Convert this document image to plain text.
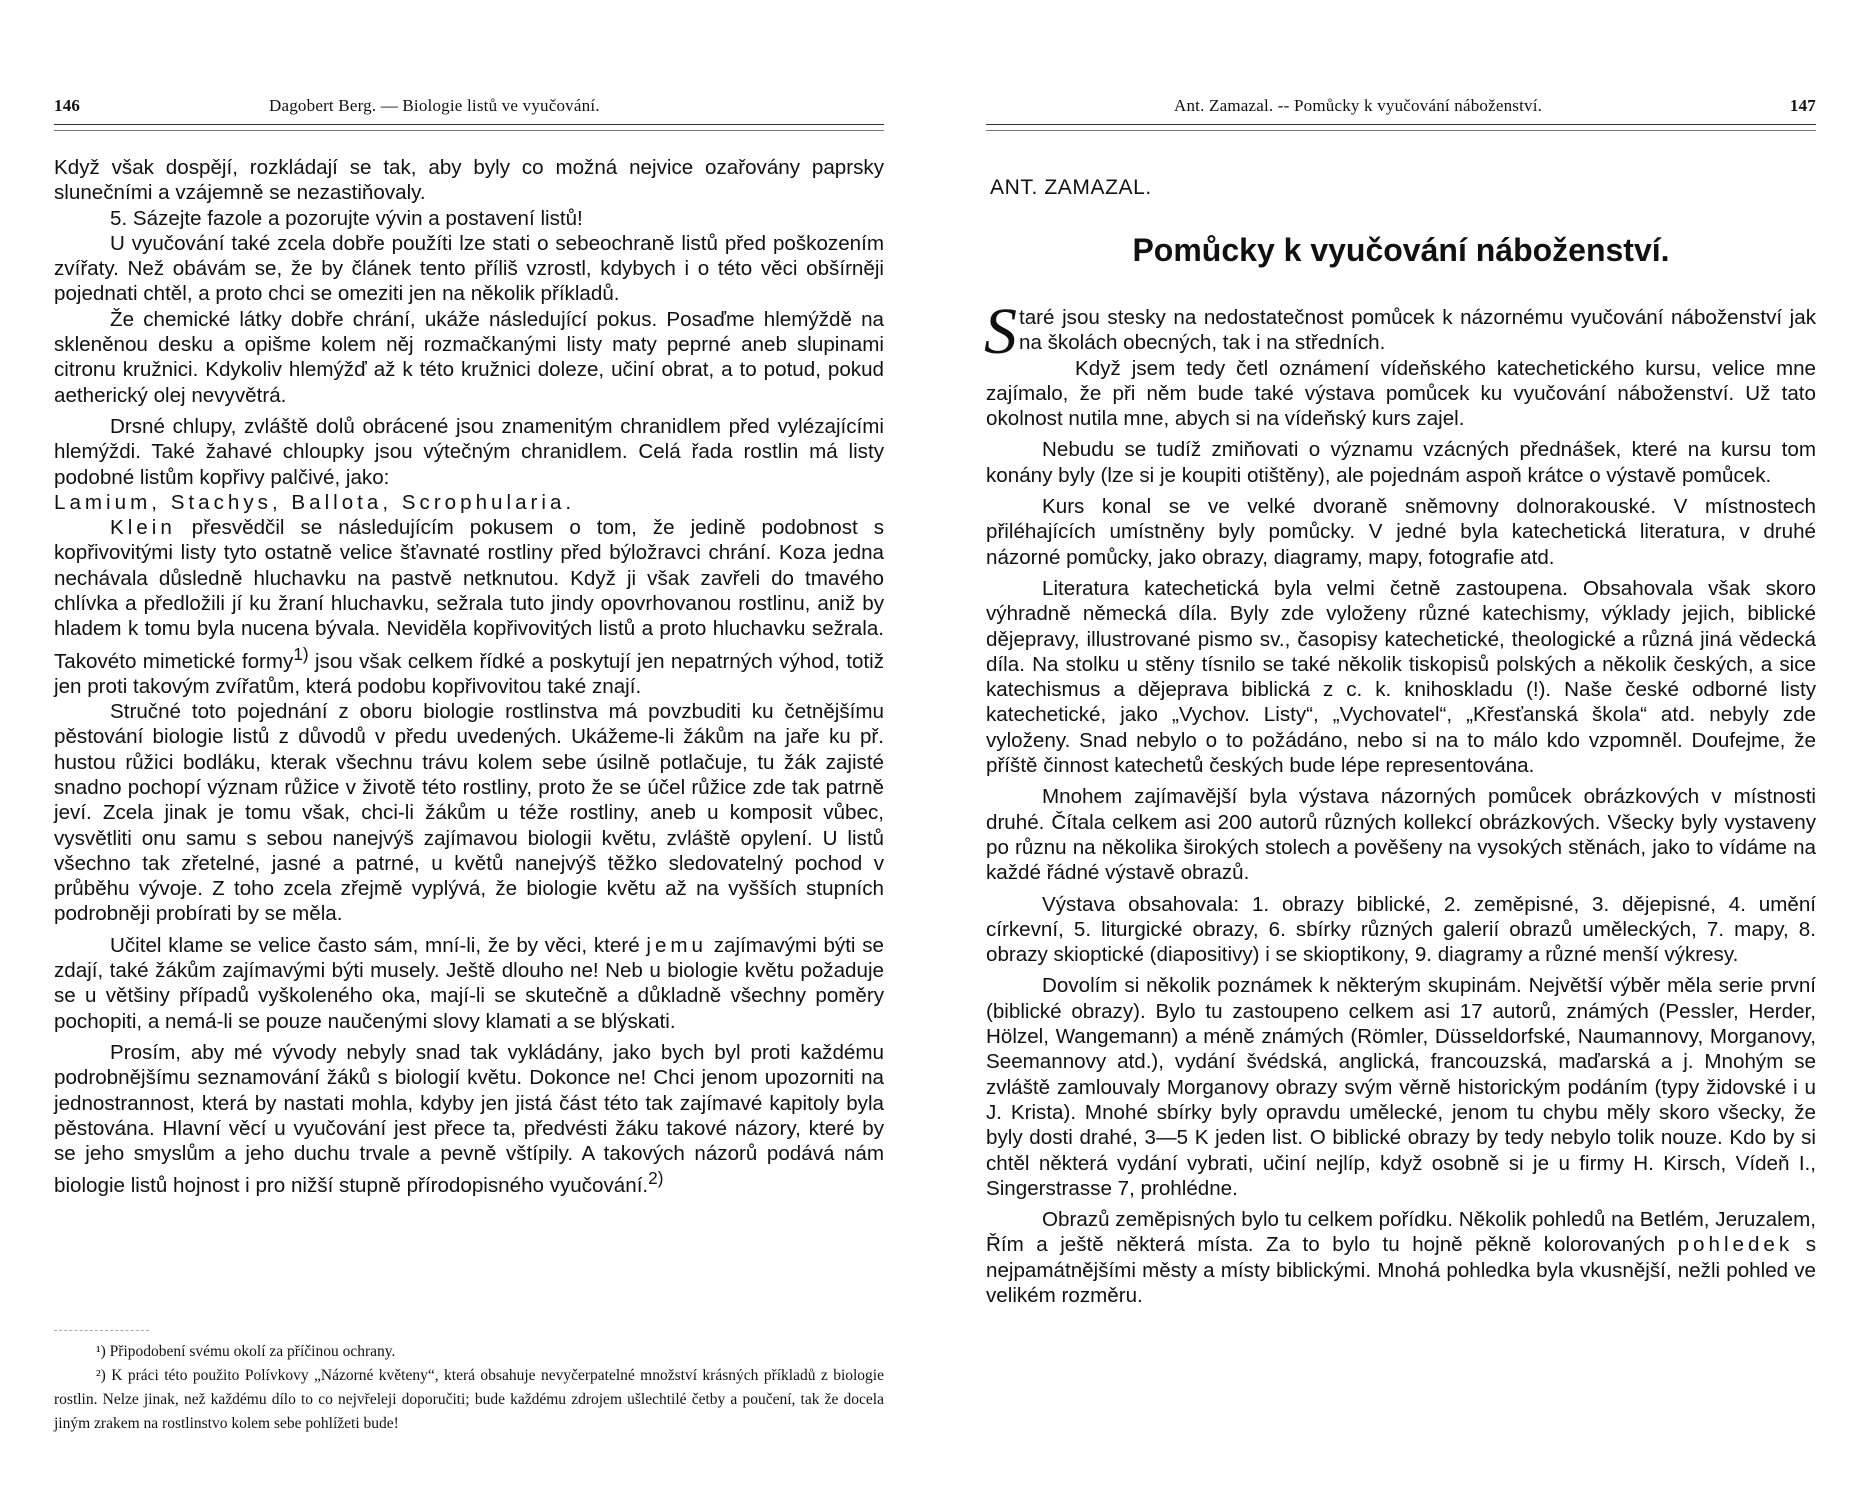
146	Dagobert Berg. — Biologie listů ve vyučování.

Když však dospějí, rozkládají se tak, aby byly co možná nejvice ozařovány paprsky slunečními a vzájemně se nezastiňovaly.

5. Sázejte fazole a pozorujte vývin a postavení listů!

U vyučování také zcela dobře použíti lze stati o sebeochraně listů před poškozením zvířaty. Než obávám se, že by článek tento příliš vzrostl, kdybych i o této věci obšírněji pojednati chtěl, a proto chci se omeziti jen na několik příkladů.

Že chemické látky dobře chrání, ukáže následující pokus. Posaďme hlemýždě na skleněnou desku a opišme kolem něj rozmačkanými listy maty peprné aneb slupinami citronu kružnici. Kdykoliv hlemýžď až k této kružnici doleze, učiní obrat, a to potud, pokud aetherický olej nevyvětrá.

Drsné chlupy, zvláště dolů obrácené jsou znamenitým chranidlem před vylézajícími hlemýždi. Také žahavé chloupky jsou výtečným chranidlem. Celá řada rostlin má listy podobné listům kopřivy palčivé, jako:
Lamium, Stachys, Ballota, Scrophularia.

Klein přesvědčil se následujícím pokusem o tom, že jedině podobnost s kopřivovitými listy tyto ostatně velice šťavnaté rostliny před býložravci chrání. Koza jedna nechávala důsledně hluchavku na pastvě netknutou. Když ji však zavřeli do tmavého chlívka a předložili jí ku žraní hluchavku, sežrala tuto jindy opovrhovanou rostlinu, aniž by hladem k tomu byla nucena bývala. Neviděla kopřivovitých listů a proto hluchavku sežrala. Takovéto mimetické formy$^{1)}$ jsou však celkem řídké a poskytují jen nepatrných výhod, totiž jen proti takovým zvířatům, která podobu kopřivovitou také znají.

Stručné toto pojednání z oboru biologie rostlinstva má povzbuditi ku četnějšímu pěstování biologie listů z důvodů v předu uvedených. Ukážeme-li žákům na jaře ku př. hustou růžici bodláku, kterak všechnu trávu kolem sebe úsilně potlačuje, tu žák zajisté snadno pochopí význam růžice v životě této rostliny, proto že se účel růžice zde tak patrně jeví. Zcela jinak je tomu však, chci-li žákům u téže rostliny, aneb u komposit vůbec, vysvětliti onu samu s sebou nanejvýš zajímavou biologii květu, zvláště opylení. U listů všechno tak zřetelné, jasné a patrné, u květů nanejvýš těžko sledovatelný pochod v průběhu vývoje. Z toho zcela zřejmě vyplývá, že biologie květu až na vyšších stupních podrobněji probírati by se měla.

Učitel klame se velice často sám, mní-li, že by věci, které jemu zajímavými býti se zdají, také žákům zajímavými býti musely. Ještě dlouho ne! Neb u biologie květu požaduje se u většiny případů vyškoleného oka, mají-li se skutečně a důkladně všechny poměry pochopiti, a nemá-li se pouze naučenými slovy klamati a se blýskati.

Prosím, aby mé vývody nebyly snad tak vykládány, jako bych byl proti každému podrobnějšímu seznamování žáků s biologií květu. Dokonce ne! Chci jenom upozorniti na jednostrannost, která by nastati mohla, kdyby jen jistá část této tak zajímavé kapitoly byla pěstována. Hlavní věcí u vyučování jest přece ta, předvésti žáku takové názory, které by se jeho smyslům a jeho duchu trvale a pevně vštípily. A takových názorů podává nám biologie listů hojnost i pro nižší stupně přírodopisného vyučování.$^{2)}$

¹) Připodobení svému okolí za příčinou ochrany.

²) K práci této použito Polívkovy „Názorné květeny“, která obsahuje nevyčerpatelné množství krásných příkladů z biologie rostlin. Nelze jinak, než každému dílo to co nejvřeleji doporučiti; bude každému zdrojem ušlechtilé četby a poučení, tak že docela jiným zrakem na rostlinstvo kolem sebe pohlížeti bude!

Ant. Zamazal. -- Pomůcky k vyučování náboženství.	147
ANT. ZAMAZAL.
Pomůcky k vyučování náboženství.

Staré jsou stesky na nedostatečnost pomůcek k názornému vyučování náboženství jak na školách obecných, tak i na středních.

Když jsem tedy četl oznámení vídeňského katechetického kursu, velice mne zajímalo, že při něm bude také výstava pomůcek ku vyučování náboženství. Už tato okolnost nutila mne, abych si na vídeňský kurs zajel.

Nebudu se tudíž zmiňovati o významu vzácných přednášek, které na kursu tom konány byly (lze si je koupiti otištěny), ale pojednám aspoň krátce o výstavě pomůcek.

Kurs konal se ve velké dvoraně sněmovny dolnorakouské. V místnostech přiléhajících umístněny byly pomůcky. V jedné byla katechetická literatura, v druhé názorné pomůcky, jako obrazy, diagramy, mapy, fotografie atd.

Literatura katechetická byla velmi četně zastoupena. Obsahovala však skoro výhradně německá díla. Byly zde vyloženy různé katechismy, výklady jejich, biblické dějepravy, illustrované pismo sv., časopisy katechetické, theologické a různá jiná vědecká díla. Na stolku u stěny tísnilo se také několik tiskopisů polských a několik českých, a sice katechismus a dějeprava biblická z c. k. knihoskladu (!). Naše české odborné listy katechetické, jako „Vychov. Listy“, „Vychovatel“, „Křesťanská škola“ atd. nebyly zde vyloženy. Snad nebylo o to požádáno, nebo si na to málo kdo vzpomněl. Doufejme, že příště činnost katechetů českých bude lépe representována.

Mnohem zajímavější byla výstava názorných pomůcek obrázkových v místnosti druhé. Čítala celkem asi 200 autorů různých kollekcí obrázkových. Všecky byly vystaveny po různu na několika širokých stolech a pověšeny na vysokých stěnách, jako to vídáme na každé řádné výstavě obrazů.

Výstava obsahovala: 1. obrazy biblické, 2. zeměpisné, 3. dějepisné, 4. umění církevní, 5. liturgické obrazy, 6. sbírky různých galerií obrazů uměleckých, 7. mapy, 8. obrazy skioptické (diapositivy) i se skioptikony, 9. diagramy a různé menší výkresy.

Dovolím si několik poznámek k některým skupinám. Největší výběr měla serie první (biblické obrazy). Bylo tu zastoupeno celkem asi 17 autorů, známých (Pessler, Herder, Hölzel, Wangemann) a méně známých (Römler, Düsseldorfské, Naumannovy, Morganovy, Seemannovy atd.), vydání švédská, anglická, francouzská, maďarská a j. Mnohým se zvláště zamlouvaly Morganovy obrazy svým věrně historickým podáním (typy židovské i u J. Krista). Mnohé sbírky byly opravdu umělecké, jenom tu chybu měly skoro všecky, že byly dosti drahé, 3—5 K jeden list. O biblické obrazy by tedy nebylo tolik nouze. Kdo by si chtěl některá vydání vybrati, učiní nejlíp, když osobně si je u firmy H. Kirsch, Vídeň I., Singerstrasse 7, prohlédne.

Obrazů zeměpisných bylo tu celkem pořídku. Několik pohledů na Betlém, Jeruzalem, Řím a ještě některá místa. Za to bylo tu hojně pěkně kolorovaných pohledek s nejpamátnějšími městy a místy biblickými. Mnohá pohledka byla vkusnější, nežli pohled ve velikém rozměru.
